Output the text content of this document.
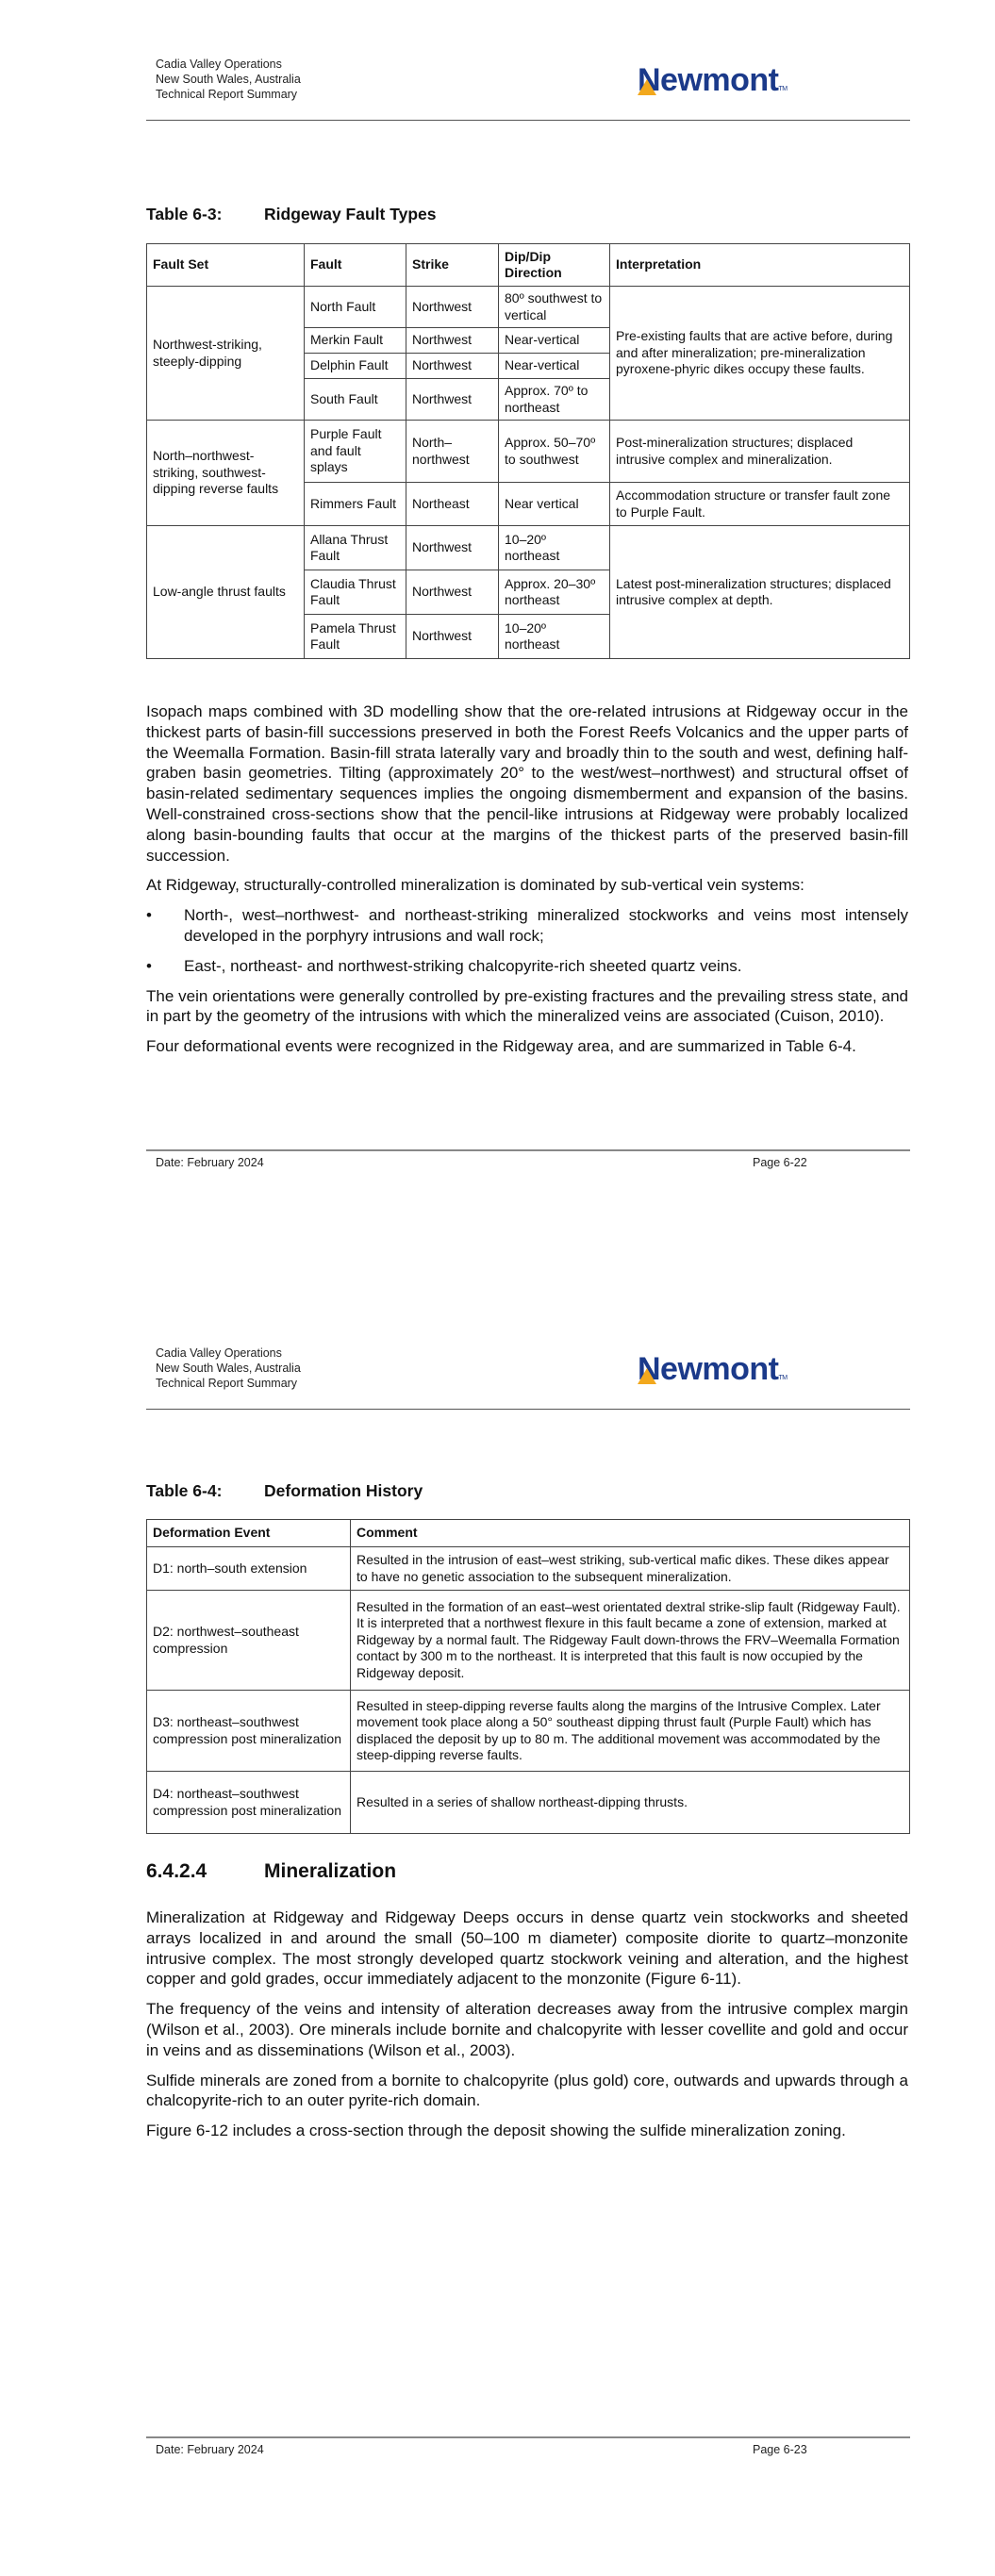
Cadia Valley Operations
New South Wales, Australia
Technical Report Summary	NewmontTM
Table 6-3:	Ridgeway Fault Types
Fault Set	Fault	Strike	Dip/Dip Direction	Interpretation
Northwest-striking, steeply-dipping	North Fault	Northwest	80º southwest to vertical	Pre-existing faults that are active before, during and after mineralization; pre-mineralization pyroxene-phyric dikes occupy these faults.
	Merkin Fault	Northwest	Near-vertical	
	Delphin Fault	Northwest	Near-vertical	
	South Fault	Northwest	Approx. 70º to northeast	
North–northwest-striking, southwest-dipping reverse faults	Purple Fault and fault splays	North–northwest	Approx. 50–70º to southwest	Post-mineralization structures; displaced intrusive complex and mineralization.
	Rimmers Fault	Northeast	Near vertical	Accommodation structure or transfer fault zone to Purple Fault.
Low-angle thrust faults	Allana Thrust Fault	Northwest	10–20º northeast	Latest post-mineralization structures; displaced intrusive complex at depth.
	Claudia Thrust Fault	Northwest	Approx. 20–30º northeast	
	Pamela Thrust Fault	Northwest	10–20º northeast	

Isopach maps combined with 3D modelling show that the ore-related intrusions at Ridgeway occur in the thickest parts of basin-fill successions preserved in both the Forest Reefs Volcanics and the upper parts of the Weemalla Formation. Basin-fill strata laterally vary and broadly thin to the south and west, defining half-graben basin geometries. Tilting (approximately 20° to the west/west–northwest) and structural offset of basin-related sedimentary sequences implies the ongoing dismemberment and expansion of the basins. Well-constrained cross-sections show that the pencil-like intrusions at Ridgeway were probably localized along basin-bounding faults that occur at the margins of the thickest parts of the preserved basin-fill succession.

At Ridgeway, structurally-controlled mineralization is dominated by sub-vertical vein systems:

• North-, west–northwest- and northeast-striking mineralized stockworks and veins most intensely developed in the porphyry intrusions and wall rock;
• East-, northeast- and northwest-striking chalcopyrite-rich sheeted quartz veins.

The vein orientations were generally controlled by pre-existing fractures and the prevailing stress state, and in part by the geometry of the intrusions with which the mineralized veins are associated (Cuison, 2010).

Four deformational events were recognized in the Ridgeway area, and are summarized in Table 6-4.

Date: February 2024	Page 6-22
Cadia Valley Operations
New South Wales, Australia
Technical Report Summary	NewmontTM
Table 6-4:	Deformation History
Deformation Event	Comment
D1: north–south extension	Resulted in the intrusion of east–west striking, sub-vertical mafic dikes. These dikes appear to have no genetic association to the subsequent mineralization.
D2: northwest–southeast compression	Resulted in the formation of an east–west orientated dextral strike-slip fault (Ridgeway Fault). It is interpreted that a northwest flexure in this fault became a zone of extension, marked at Ridgeway by a normal fault. The Ridgeway Fault down-throws the FRV–Weemalla Formation contact by 300 m to the northeast. It is interpreted that this fault is now occupied by the Ridgeway deposit.
D3: northeast–southwest compression post mineralization	Resulted in steep-dipping reverse faults along the margins of the Intrusive Complex. Later movement took place along a 50° southeast dipping thrust fault (Purple Fault) which has displaced the deposit by up to 80 m. The additional movement was accommodated by the steep-dipping reverse faults.
D4: northeast–southwest compression post mineralization	Resulted in a series of shallow northeast-dipping thrusts.
6.4.2.4	Mineralization

Mineralization at Ridgeway and Ridgeway Deeps occurs in dense quartz vein stockworks and sheeted arrays localized in and around the small (50–100 m diameter) composite diorite to quartz–monzonite intrusive complex. The most strongly developed quartz stockwork veining and alteration, and the highest copper and gold grades, occur immediately adjacent to the monzonite (Figure 6-11).

The frequency of the veins and intensity of alteration decreases away from the intrusive complex margin (Wilson et al., 2003). Ore minerals include bornite and chalcopyrite with lesser covellite and gold and occur in veins and as disseminations (Wilson et al., 2003).

Sulfide minerals are zoned from a bornite to chalcopyrite (plus gold) core, outwards and upwards through a chalcopyrite-rich to an outer pyrite-rich domain.

Figure 6-12 includes a cross-section through the deposit showing the sulfide mineralization zoning.

Date: February 2024	Page 6-23
